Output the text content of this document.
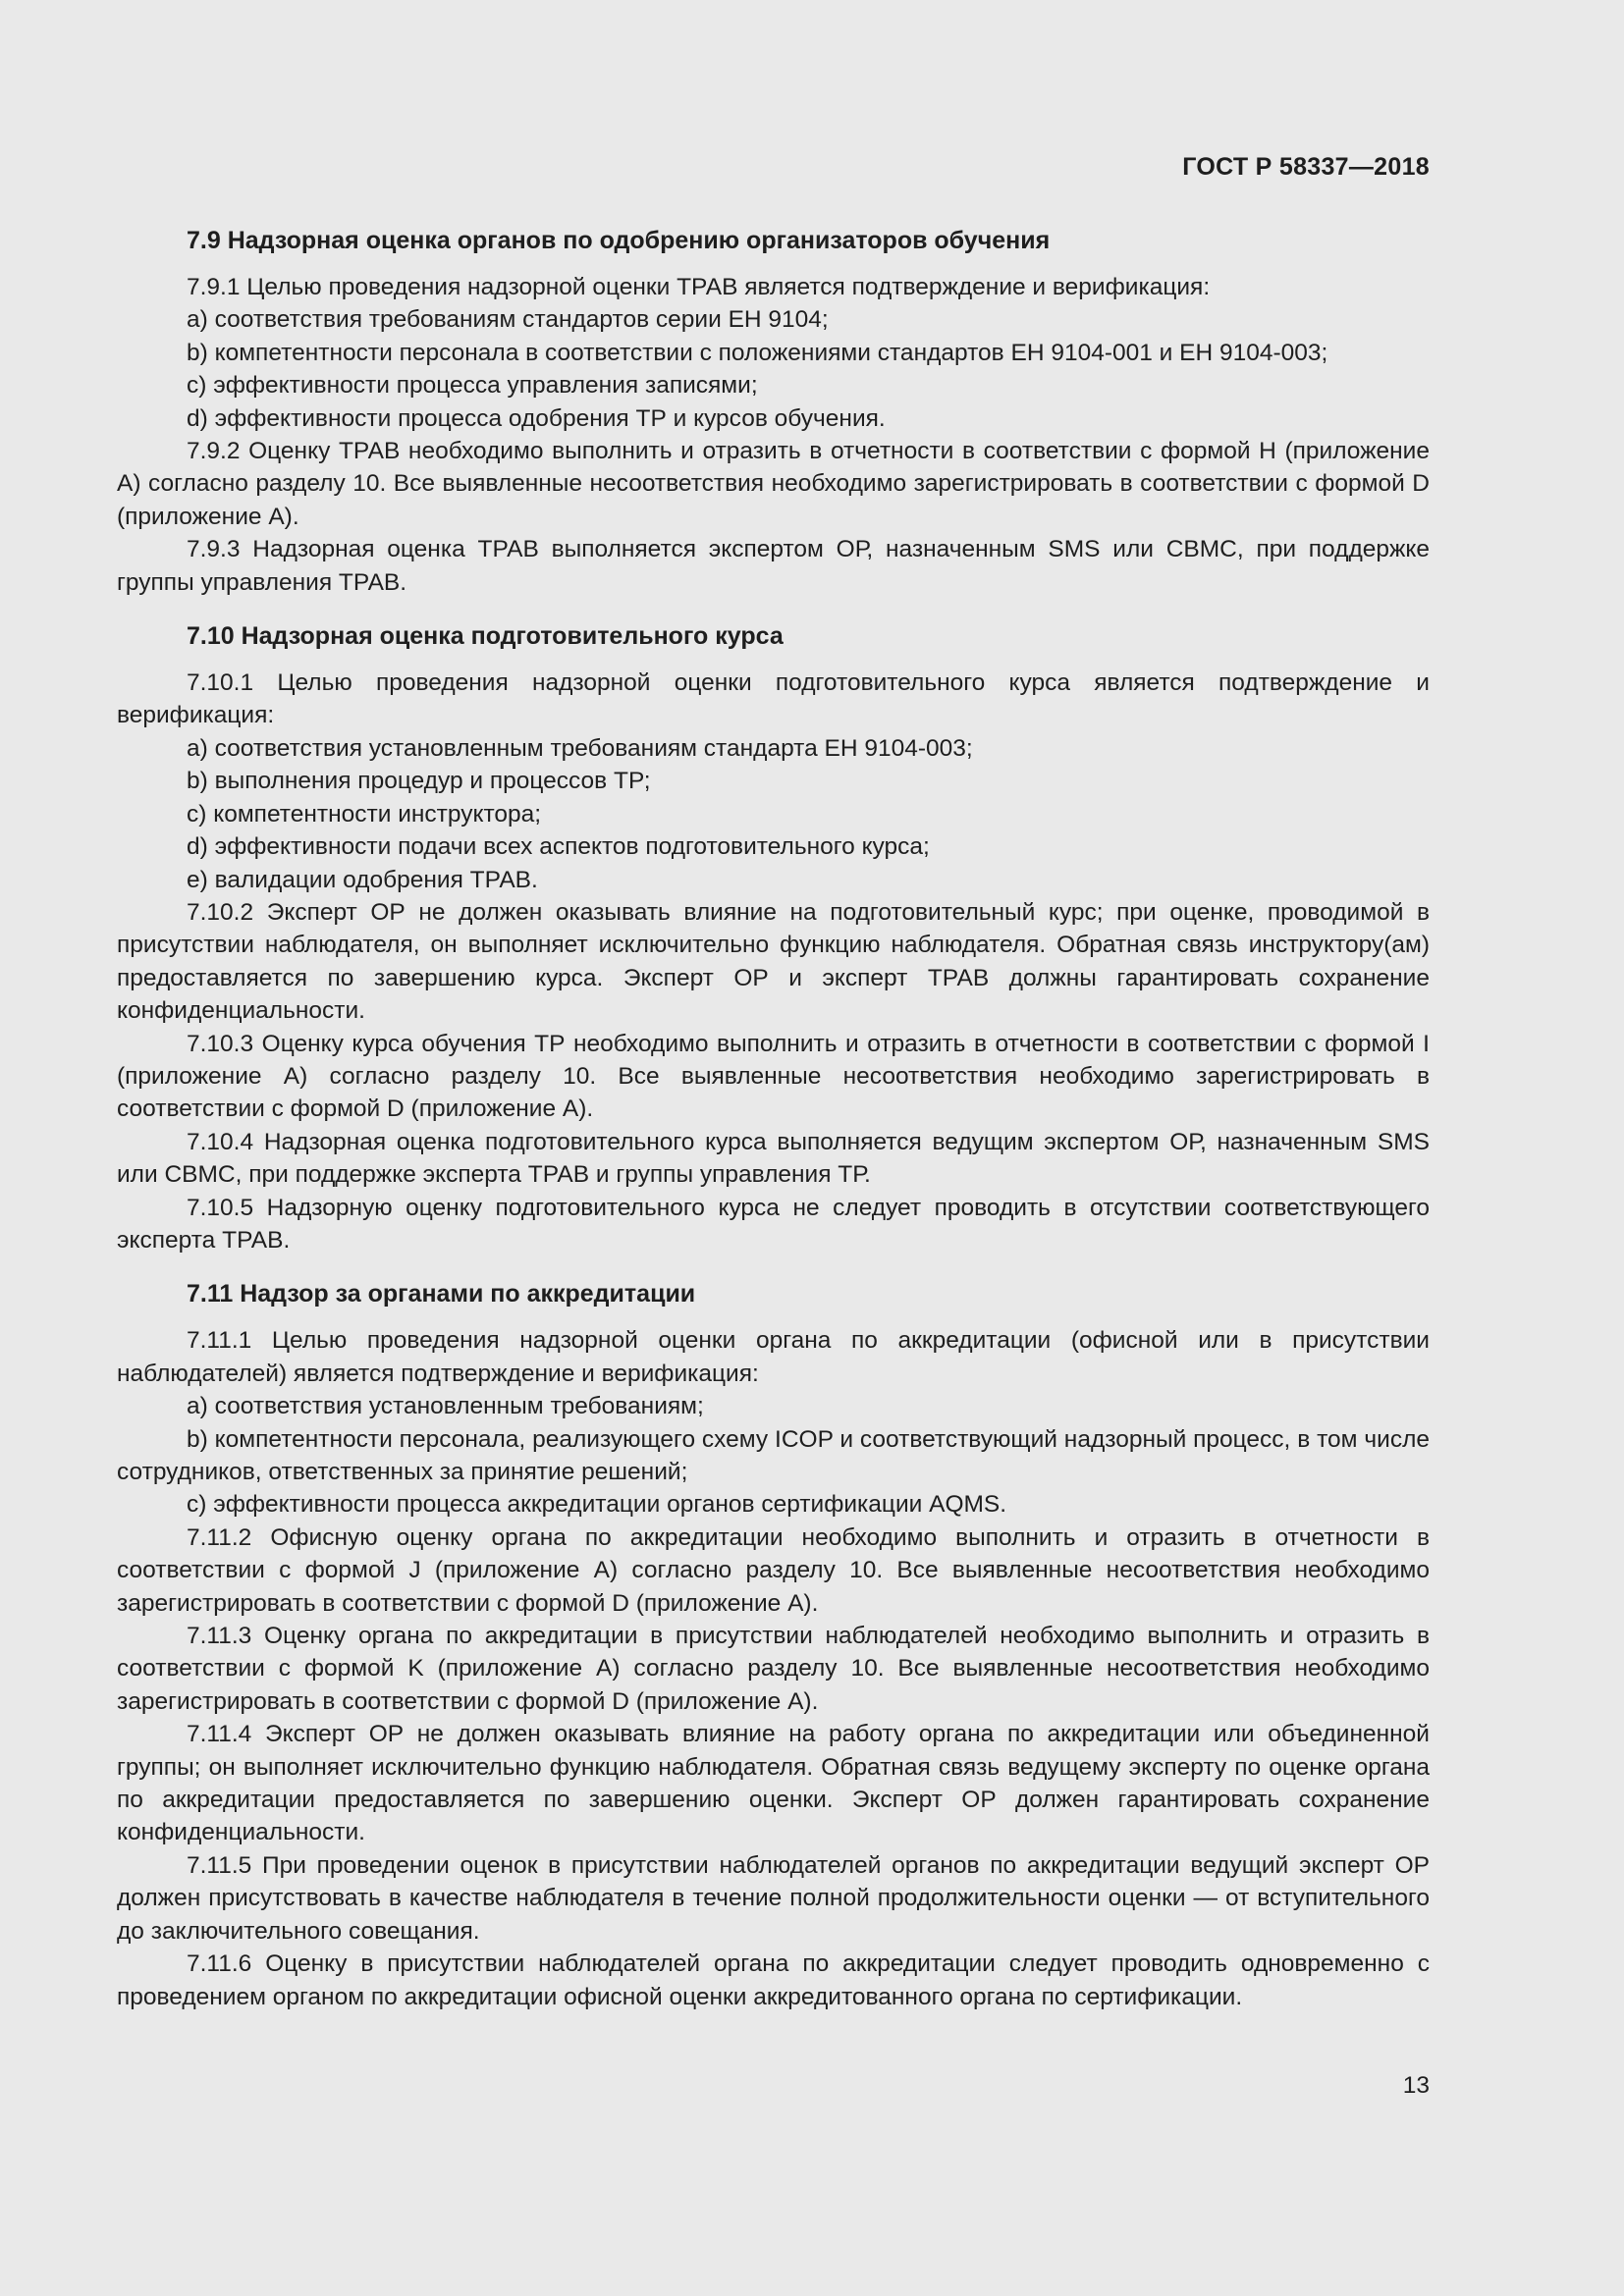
ГОСТ Р 58337—2018
7.9 Надзорная оценка органов по одобрению организаторов обучения

7.9.1 Целью проведения надзорной оценки ТРАВ является подтверждение и верификация:

a) соответствия требованиям стандартов серии ЕН 9104;

b) компетентности персонала в соответствии с положениями стандартов ЕН 9104-001 и ЕН 9104-003;

c) эффективности процесса управления записями;

d) эффективности процесса одобрения ТР и курсов обучения.

7.9.2 Оценку ТРАВ необходимо выполнить и отразить в отчетности в соответствии с формой Н (приложение А) согласно разделу 10. Все выявленные несоответствия необходимо зарегистрировать в соответствии с формой D (приложение А).

7.9.3 Надзорная оценка ТРАВ выполняется экспертом ОР, назначенным SMS или CBMC, при поддержке группы управления ТРАВ.

7.10 Надзорная оценка подготовительного курса

7.10.1 Целью проведения надзорной оценки подготовительного курса является подтверждение и верификация:

a) соответствия установленным требованиям стандарта ЕН 9104-003;

b) выполнения процедур и процессов ТР;

c) компетентности инструктора;

d) эффективности подачи всех аспектов подготовительного курса;

e) валидации одобрения ТРАВ.

7.10.2 Эксперт ОР не должен оказывать влияние на подготовительный курс; при оценке, проводимой в присутствии наблюдателя, он выполняет исключительно функцию наблюдателя. Обратная связь инструктору(ам) предоставляется по завершению курса. Эксперт ОР и эксперт ТРАВ должны гарантировать сохранение конфиденциальности.

7.10.3 Оценку курса обучения ТР необходимо выполнить и отразить в отчетности в соответствии с формой I (приложение А) согласно разделу 10. Все выявленные несоответствия необходимо зарегистрировать в соответствии с формой D (приложение А).

7.10.4 Надзорная оценка подготовительного курса выполняется ведущим экспертом ОР, назначенным SMS или CBMC, при поддержке эксперта ТРАВ и группы управления ТР.

7.10.5 Надзорную оценку подготовительного курса не следует проводить в отсутствии соответствующего эксперта ТРАВ.

7.11 Надзор за органами по аккредитации

7.11.1 Целью проведения надзорной оценки органа по аккредитации (офисной или в присутствии наблюдателей) является подтверждение и верификация:

a) соответствия установленным требованиям;

b) компетентности персонала, реализующего схему ICOP и соответствующий надзорный процесс, в том числе сотрудников, ответственных за принятие решений;

c) эффективности процесса аккредитации органов сертификации AQMS.

7.11.2 Офисную оценку органа по аккредитации необходимо выполнить и отразить в отчетности в соответствии с формой J (приложение А) согласно разделу 10. Все выявленные несоответствия необходимо зарегистрировать в соответствии с формой D (приложение А).

7.11.3 Оценку органа по аккредитации в присутствии наблюдателей необходимо выполнить и отразить в соответствии с формой K (приложение А) согласно разделу 10. Все выявленные несоответствия необходимо зарегистрировать в соответствии с формой D (приложение А).

7.11.4 Эксперт ОР не должен оказывать влияние на работу органа по аккредитации или объединенной группы; он выполняет исключительно функцию наблюдателя. Обратная связь ведущему эксперту по оценке органа по аккредитации предоставляется по завершению оценки. Эксперт ОР должен гарантировать сохранение конфиденциальности.

7.11.5 При проведении оценок в присутствии наблюдателей органов по аккредитации ведущий эксперт ОР должен присутствовать в качестве наблюдателя в течение полной продолжительности оценки — от вступительного до заключительного совещания.

7.11.6 Оценку в присутствии наблюдателей органа по аккредитации следует проводить одновременно с проведением органом по аккредитации офисной оценки аккредитованного органа по сертификации.

13
